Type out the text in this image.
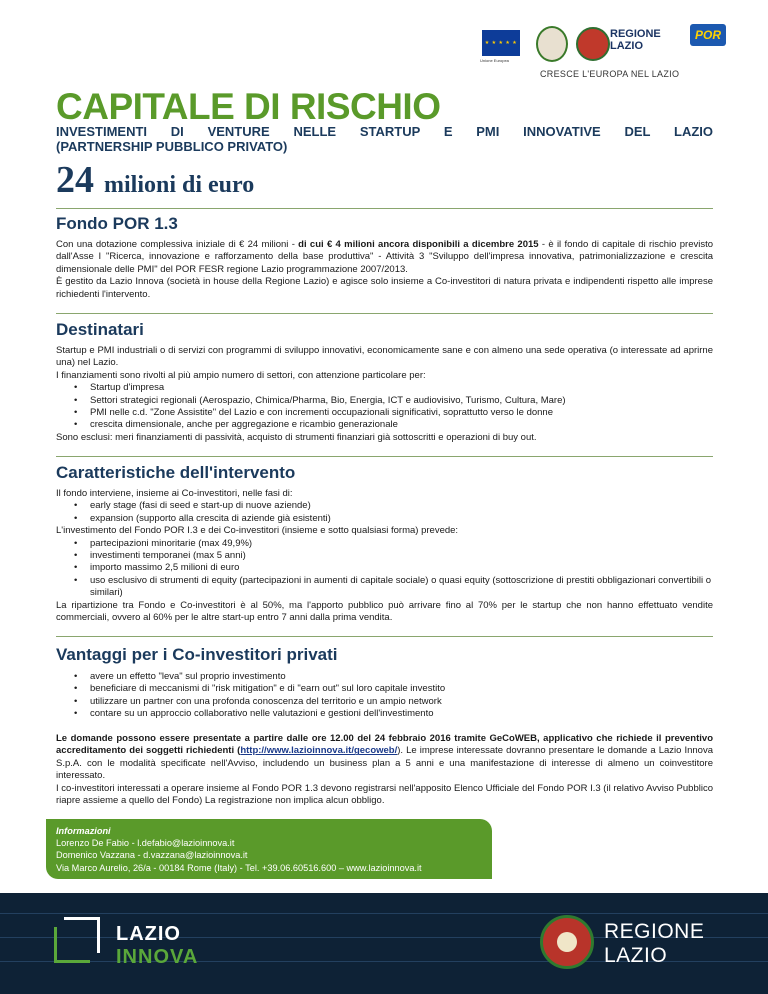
★ ★ ★ ★ ★
Unione Europea
REGIONE
LAZIO
POR
CRESCE L'EUROPA NEL LAZIO
CAPITALE DI RISCHIO
INVESTIMENTI DI VENTURE NELLE STARTUP E PMI INNOVATIVE DEL LAZIO
(PARTNERSHIP PUBBLICO PRIVATO)
24 milioni di euro
Fondo POR 1.3

Con una dotazione complessiva iniziale di € 24 milioni - di cui € 4 milioni ancora disponibili a dicembre 2015 - è il fondo di capitale di rischio previsto dall'Asse I "Ricerca, innovazione e rafforzamento della base produttiva" - Attività 3 "Sviluppo dell'impresa innovativa, patrimonializzazione e crescita dimensionale delle PMI" del POR FESR regione Lazio programmazione 2007/2013.

È gestito da Lazio Innova (società in house della Regione Lazio) e agisce solo insieme a Co-investitori di natura privata e indipendenti rispetto alle imprese richiedenti l'intervento.

Destinatari

Startup e PMI industriali o di servizi con programmi di sviluppo innovativi, economicamente sane e con almeno una sede operativa (o interessate ad aprirne una) nel Lazio.

I finanziamenti sono rivolti al più ampio numero di settori, con attenzione particolare per:

• Startup d'impresa
• Settori strategici regionali (Aerospazio, Chimica/Pharma, Bio, Energia, ICT e audiovisivo, Turismo, Cultura, Mare)
• PMI nelle c.d. "Zone Assistite" del Lazio e con incrementi occupazionali significativi, soprattutto verso le donne
• crescita dimensionale, anche per aggregazione e ricambio generazionale

Sono esclusi: meri finanziamenti di passività, acquisto di strumenti finanziari già sottoscritti e operazioni di buy out.

Caratteristiche dell'intervento

Il fondo interviene, insieme ai Co-investitori, nelle fasi di:

• early stage (fasi di seed e start-up di nuove aziende)
• expansion (supporto alla crescita di aziende già esistenti)

L'investimento del Fondo POR I.3 e dei Co-investitori (insieme e sotto qualsiasi forma) prevede:

• partecipazioni minoritarie (max 49,9%)
• investimenti temporanei (max 5 anni)
• importo massimo 2,5 milioni di euro
• uso esclusivo di strumenti di equity (partecipazioni in aumenti di capitale sociale) o quasi equity (sottoscrizione di prestiti obbligazionari convertibili o similari)

La ripartizione tra Fondo e Co-investitori è al 50%, ma l'apporto pubblico può arrivare fino al 70% per le startup che non hanno effettuato vendite commerciali, ovvero al 60% per le altre start-up entro 7 anni dalla prima vendita.

Vantaggi per i Co-investitori privati
• avere un effetto "leva" sul proprio investimento
• beneficiare di meccanismi di "risk mitigation" e di "earn out" sul loro capitale investito
• utilizzare un partner con una profonda conoscenza del territorio e un ampio network
• contare su un approccio collaborativo nelle valutazioni e gestioni dell'investimento

Le domande possono essere presentate a partire dalle ore 12.00 del 24 febbraio 2016 tramite GeCoWEB, applicativo che richiede il preventivo accreditamento dei soggetti richiedenti (http://www.lazioinnova.it/gecoweb/). Le imprese interessate dovranno presentare le domande a Lazio Innova S.p.A. con le modalità specificate nell'Avviso, includendo un business plan a 5 anni e una manifestazione di interesse di almeno un coinvestitore interessato.

I co-investitori interessati a operare insieme al Fondo POR 1.3 devono registrarsi nell'apposito Elenco Ufficiale del Fondo POR I.3 (il relativo Avviso Pubblico riapre assieme a quello del Fondo) La registrazione non implica alcun obbligo.

Informazioni
Lorenzo De Fabio - l.defabio@lazioinnova.it
Domenico Vazzana - d.vazzana@lazioinnova.it
Via Marco Aurelio, 26/a - 00184 Rome (Italy) - Tel. +39.06.60516.600 – www.lazioinnova.it
LAZIO
INNOVA
REGIONE
LAZIO
